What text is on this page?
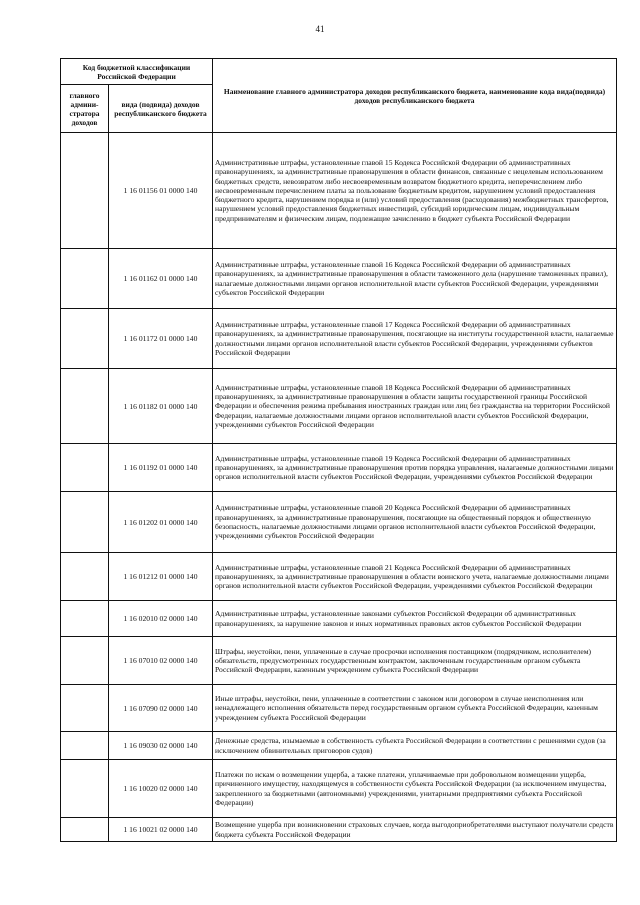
41
Код бюджетной классификации Российской Федерации		Наименование главного администратора доходов республиканского бюджета, наименование кода вида(подвида) доходов республиканского бюджета
главного админи-стратора доходов	вида (подвида) доходов республиканского бюджета	
	1 16 01156 01 0000 140	Административные штрафы, установленные главой 15 Кодекса Российской Федерации об административных правонарушениях, за административные правонарушения в области финансов, связанные с нецелевым использованием бюджетных средств, невозвратом либо несвоевременным возвратом бюджетного кредита, неперечислением либо несвоевременным перечислением платы за пользование бюджетным кредитом, нарушением условий предоставления бюджетного кредита, нарушением порядка и (или) условий предоставления (расходования) межбюджетных трансфертов, нарушением условий предоставления бюджетных инвестиций, субсидий юридическим лицам, индивидуальным предпринимателям и физическим лицам, подлежащие зачислению в бюджет субъекта Российской Федерации
	1 16 01162 01 0000 140	Административные штрафы, установленные главой 16 Кодекса Российской Федерации об административных правонарушениях, за административные правонарушения в области таможенного дела (нарушение таможенных правил), налагаемые должностными лицами органов исполнительной власти субъектов Российской Федерации, учреждениями субъектов Российской Федерации
	1 16 01172 01 0000 140	Административные штрафы, установленные главой 17 Кодекса Российской Федерации об административных правонарушениях, за административные правонарушения, посягающие на институты государственной власти, налагаемые должностными лицами органов исполнительной власти субъектов Российской Федерации, учреждениями субъектов Российской Федерации
	1 16 01182 01 0000 140	Административные штрафы, установленные главой 18 Кодекса Российской Федерации об административных правонарушениях, за административные правонарушения в области защиты государственной границы Российской Федерации и обеспечения режима пребывания иностранных граждан или лиц без гражданства на территории Российской Федерации, налагаемые должностными лицами органов исполнительной власти субъектов Российской Федерации, учреждениями субъектов Российской Федерации
	1 16 01192 01 0000 140	Административные штрафы, установленные главой 19 Кодекса Российской Федерации об административных правонарушениях, за административные правонарушения против порядка управления, налагаемые должностными лицами органов исполнительной власти субъектов Российской Федерации, учреждениями субъектов Российской Федерации
	1 16 01202 01 0000 140	Административные штрафы, установленные главой 20 Кодекса Российской Федерации об административных правонарушениях, за административные правонарушения, посягающие на общественный порядок и общественную безопасность, налагаемые должностными лицами органов исполнительной власти субъектов Российской Федерации, учреждениями субъектов Российской Федерации
	1 16 01212 01 0000 140	Административные штрафы, установленные главой 21 Кодекса Российской Федерации об административных правонарушениях, за административные правонарушения в области воинского учета, налагаемые должностными лицами органов исполнительной власти субъектов Российской Федерации, учреждениями субъектов Российской Федерации
	1 16 02010 02 0000 140	Административные штрафы, установленные законами субъектов Российской Федерации об административных правонарушениях, за нарушение законов и иных нормативных правовых актов субъектов Российской Федерации
	1 16 07010 02 0000 140	Штрафы, неустойки, пени, уплаченные в случае просрочки исполнения поставщиком (подрядчиком, исполнителем) обязательств, предусмотренных государственным контрактом, заключенным государственным органом субъекта Российской Федерации, казенным учреждением субъекта Российской Федерации
	1 16 07090 02 0000 140	Иные штрафы, неустойки, пени, уплаченные в соответствии с законом или договором в случае неисполнения или ненадлежащего исполнения обязательств перед государственным органом субъекта Российской Федерации, казенным учреждением субъекта Российской Федерации
	1 16 09030 02 0000 140	Денежные средства, изымаемые в собственность субъекта Российской Федерации в соответствии с решениями судов (за исключением обвинительных приговоров судов)
	1 16 10020 02 0000 140	Платежи по искам о возмещении ущерба, а также платежи, уплачиваемые при добровольном возмещении ущерба, причиненного имуществу, находящемуся в собственности субъекта Российской Федерации (за исключением имущества, закрепленного за бюджетными (автономными) учреждениями, унитарными предприятиями субъекта Российской Федерации)
	1 16 10021 02 0000 140	Возмещение ущерба при возникновении страховых случаев, когда выгодоприобретателями выступают получатели средств бюджета субъекта Российской Федерации
